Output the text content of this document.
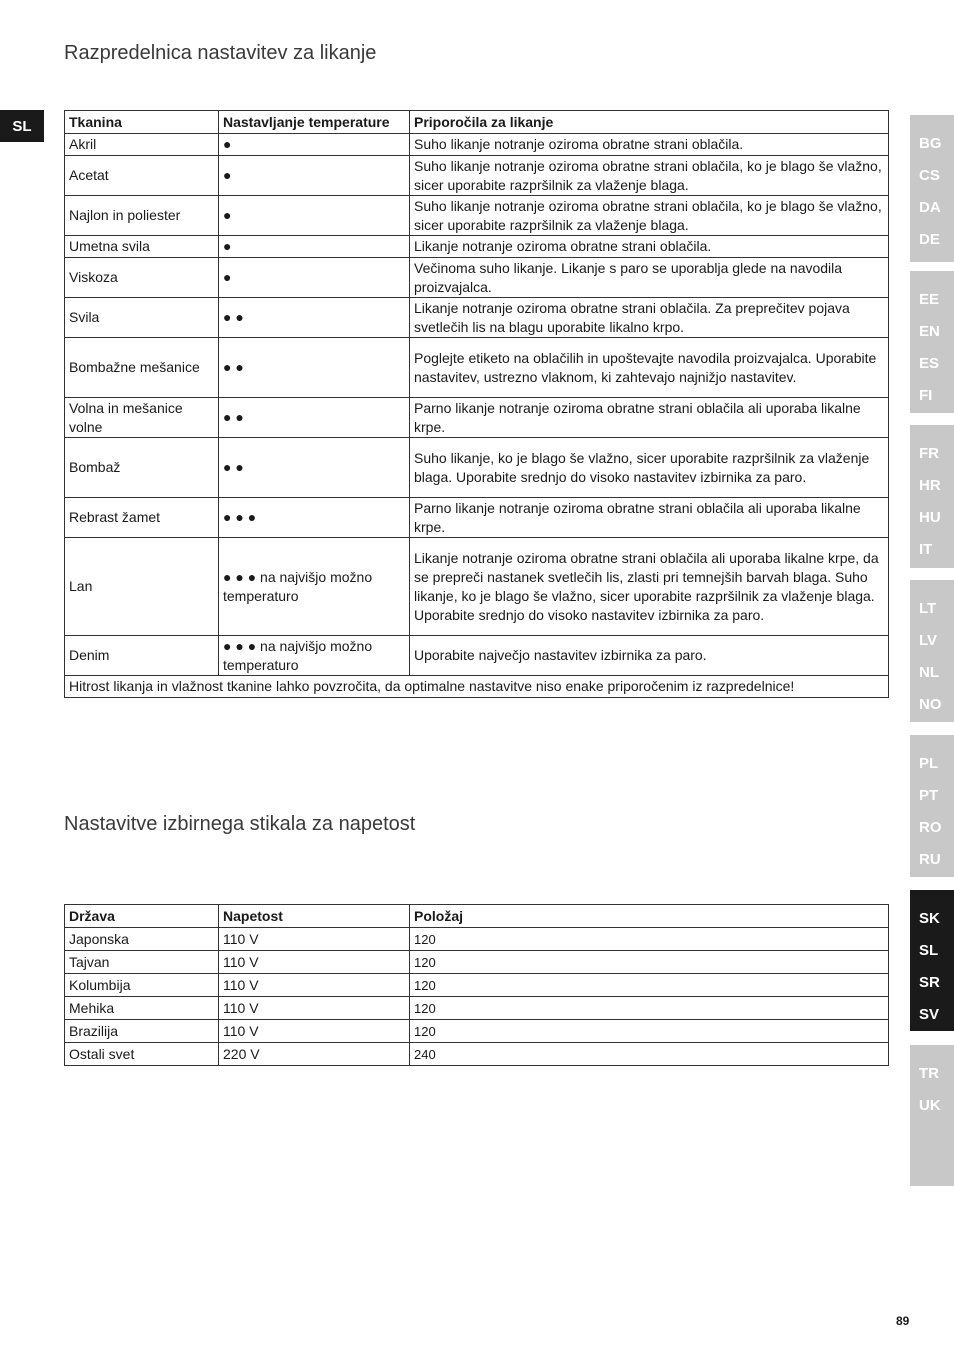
SL
Razpredelnica nastavitev za likanje
Tkanina	Nastavljanje temperature	Priporočila za likanje
Akril	●	Suho likanje notranje oziroma obratne strani oblačila.
Acetat	●	Suho likanje notranje oziroma obratne strani oblačila, ko je blago še vlažno, sicer uporabite razpršilnik za vlaženje blaga.
Najlon in poliester	●	Suho likanje notranje oziroma obratne strani oblačila, ko je blago še vlažno, sicer uporabite razpršilnik za vlaženje blaga.
Umetna svila	●	Likanje notranje oziroma obratne strani oblačila.
Viskoza	●	Večinoma suho likanje. Likanje s paro se uporablja glede na navodila proizvajalca.
Svila	● ●	Likanje notranje oziroma obratne strani oblačila. Za preprečitev pojava svetlečih lis na blagu uporabite likalno krpo.
Bombažne mešanice	● ●	Poglejte etiketo na oblačilih in upoštevajte navodila proizvajalca. Uporabite nastavitev, ustrezno vlaknom, ki zahtevajo najnižjo nastavitev.
Volna in mešanice volne	● ●	Parno likanje notranje oziroma obratne strani oblačila ali uporaba likalne krpe.
Bombaž	● ●	Suho likanje, ko je blago še vlažno, sicer uporabite razpršilnik za vlaženje blaga. Uporabite srednjo do visoko nastavitev izbirnika za paro.
Rebrast žamet	● ● ●	Parno likanje notranje oziroma obratne strani oblačila ali uporaba likalne krpe.
Lan	● ● ● na najvišjo možno temperaturo	Likanje notranje oziroma obratne strani oblačila ali uporaba likalne krpe, da se prepreči nastanek svetlečih lis, zlasti pri temnejših barvah blaga. Suho likanje, ko je blago še vlažno, sicer uporabite razpršilnik za vlaženje blaga. Uporabite srednjo do visoko nastavitev izbirnika za paro.
Denim	● ● ● na najvišjo možno temperaturo	Uporabite največjo nastavitev izbirnika za paro.
Hitrost likanja in vlažnost tkanine lahko povzročita, da optimalne nastavitve niso enake priporočenim iz razpredelnice!		
Nastavitve izbirnega stikala za napetost
Država	Napetost	Položaj
Japonska	110 V	120
Tajvan	110 V	120
Kolumbija	110 V	120
Mehika	110 V	120
Brazilija	110 V	120
Ostali svet	220 V	240
BG
CS
DA
DE
EE
EN
ES
FI
FR
HR
HU
IT
LT
LV
NL
NO
PL
PT
RO
RU
SK
SL
SR
SV
TR
UK
89
